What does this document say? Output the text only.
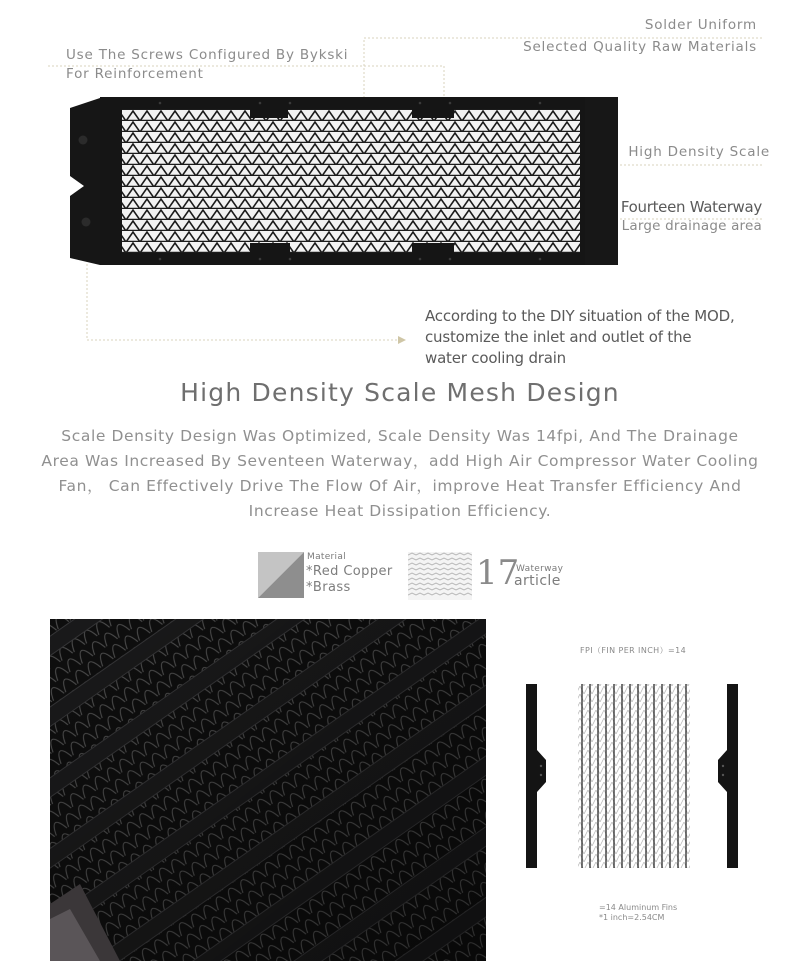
Use The Screws Configured By Bykski
For Reinforcement
Solder Uniform
Selected Quality Raw Materials
High Density Scale
Fourteen Waterway
Large drainage area
According to the DIY situation of the MOD,
customize the inlet and outlet of the
water cooling drain
High Density Scale Mesh Design
Scale Density Design Was Optimized, Scale Density Was 14fpi, And The Drainage Area Was Increased By Seventeen Waterway，add High Air Compressor Water Cooling Fan， Can Effectively Drive The Flow Of Air，improve Heat Transfer Efficiency And Increase Heat Dissipation Efficiency.
Material
*Red Copper
*Brass	17
Waterway
article
FPI（FIN PER INCH）=14
=14 Aluminum Fins
*1 inch=2.54CM
